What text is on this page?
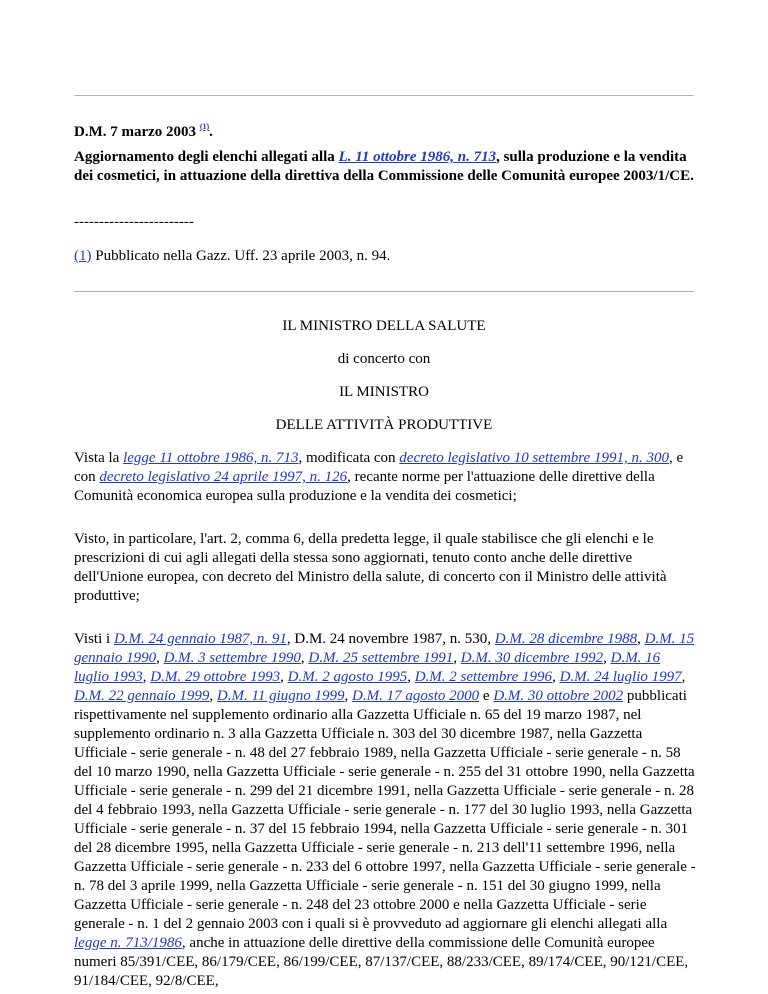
D.M. 7 marzo 2003 $^{(1)}$.

Aggiornamento degli elenchi allegati alla L. 11 ottobre 1986, n. 713, sulla produzione e la vendita dei cosmetici, in attuazione della direttiva della Commissione delle Comunità europee 2003/1/CE.

------------------------

(1) Pubblicato nella Gazz. Uff. 23 aprile 2003, n. 94.

IL MINISTRO DELLA SALUTE

di concerto con

IL MINISTRO

DELLE ATTIVITÀ PRODUTTIVE

Vista la legge 11 ottobre 1986, n. 713, modificata con decreto legislativo 10 settembre 1991, n. 300, e con decreto legislativo 24 aprile 1997, n. 126, recante norme per l'attuazione delle direttive della Comunità economica europea sulla produzione e la vendita dei cosmetici;

Visto, in particolare, l'art. 2, comma 6, della predetta legge, il quale stabilisce che gli elenchi e le prescrizioni di cui agli allegati della stessa sono aggiornati, tenuto conto anche delle direttive dell'Unione europea, con decreto del Ministro della salute, di concerto con il Ministro delle attività produttive;

Visti i D.M. 24 gennaio 1987, n. 91, D.M. 24 novembre 1987, n. 530, D.M. 28 dicembre 1988, D.M. 15 gennaio 1990, D.M. 3 settembre 1990, D.M. 25 settembre 1991, D.M. 30 dicembre 1992, D.M. 16 luglio 1993, D.M. 29 ottobre 1993, D.M. 2 agosto 1995, D.M. 2 settembre 1996, D.M. 24 luglio 1997, D.M. 22 gennaio 1999, D.M. 11 giugno 1999, D.M. 17 agosto 2000 e D.M. 30 ottobre 2002 pubblicati rispettivamente nel supplemento ordinario alla Gazzetta Ufficiale n. 65 del 19 marzo 1987, nel supplemento ordinario n. 3 alla Gazzetta Ufficiale n. 303 del 30 dicembre 1987, nella Gazzetta Ufficiale - serie generale - n. 48 del 27 febbraio 1989, nella Gazzetta Ufficiale - serie generale - n. 58 del 10 marzo 1990, nella Gazzetta Ufficiale - serie generale - n. 255 del 31 ottobre 1990, nella Gazzetta Ufficiale - serie generale - n. 299 del 21 dicembre 1991, nella Gazzetta Ufficiale - serie generale - n. 28 del 4 febbraio 1993, nella Gazzetta Ufficiale - serie generale - n. 177 del 30 luglio 1993, nella Gazzetta Ufficiale - serie generale - n. 37 del 15 febbraio 1994, nella Gazzetta Ufficiale - serie generale - n. 301 del 28 dicembre 1995, nella Gazzetta Ufficiale - serie generale - n. 213 dell'11 settembre 1996, nella Gazzetta Ufficiale - serie generale - n. 233 del 6 ottobre 1997, nella Gazzetta Ufficiale - serie generale - n. 78 del 3 aprile 1999, nella Gazzetta Ufficiale - serie generale - n. 151 del 30 giugno 1999, nella Gazzetta Ufficiale - serie generale - n. 248 del 23 ottobre 2000 e nella Gazzetta Ufficiale - serie generale - n. 1 del 2 gennaio 2003 con i quali si è provveduto ad aggiornare gli elenchi allegati alla legge n. 713/1986, anche in attuazione delle direttive della commissione delle Comunità europee numeri 85/391/CEE, 86/179/CEE, 86/199/CEE, 87/137/CEE, 88/233/CEE, 89/174/CEE, 90/121/CEE, 91/184/CEE, 92/8/CEE,
